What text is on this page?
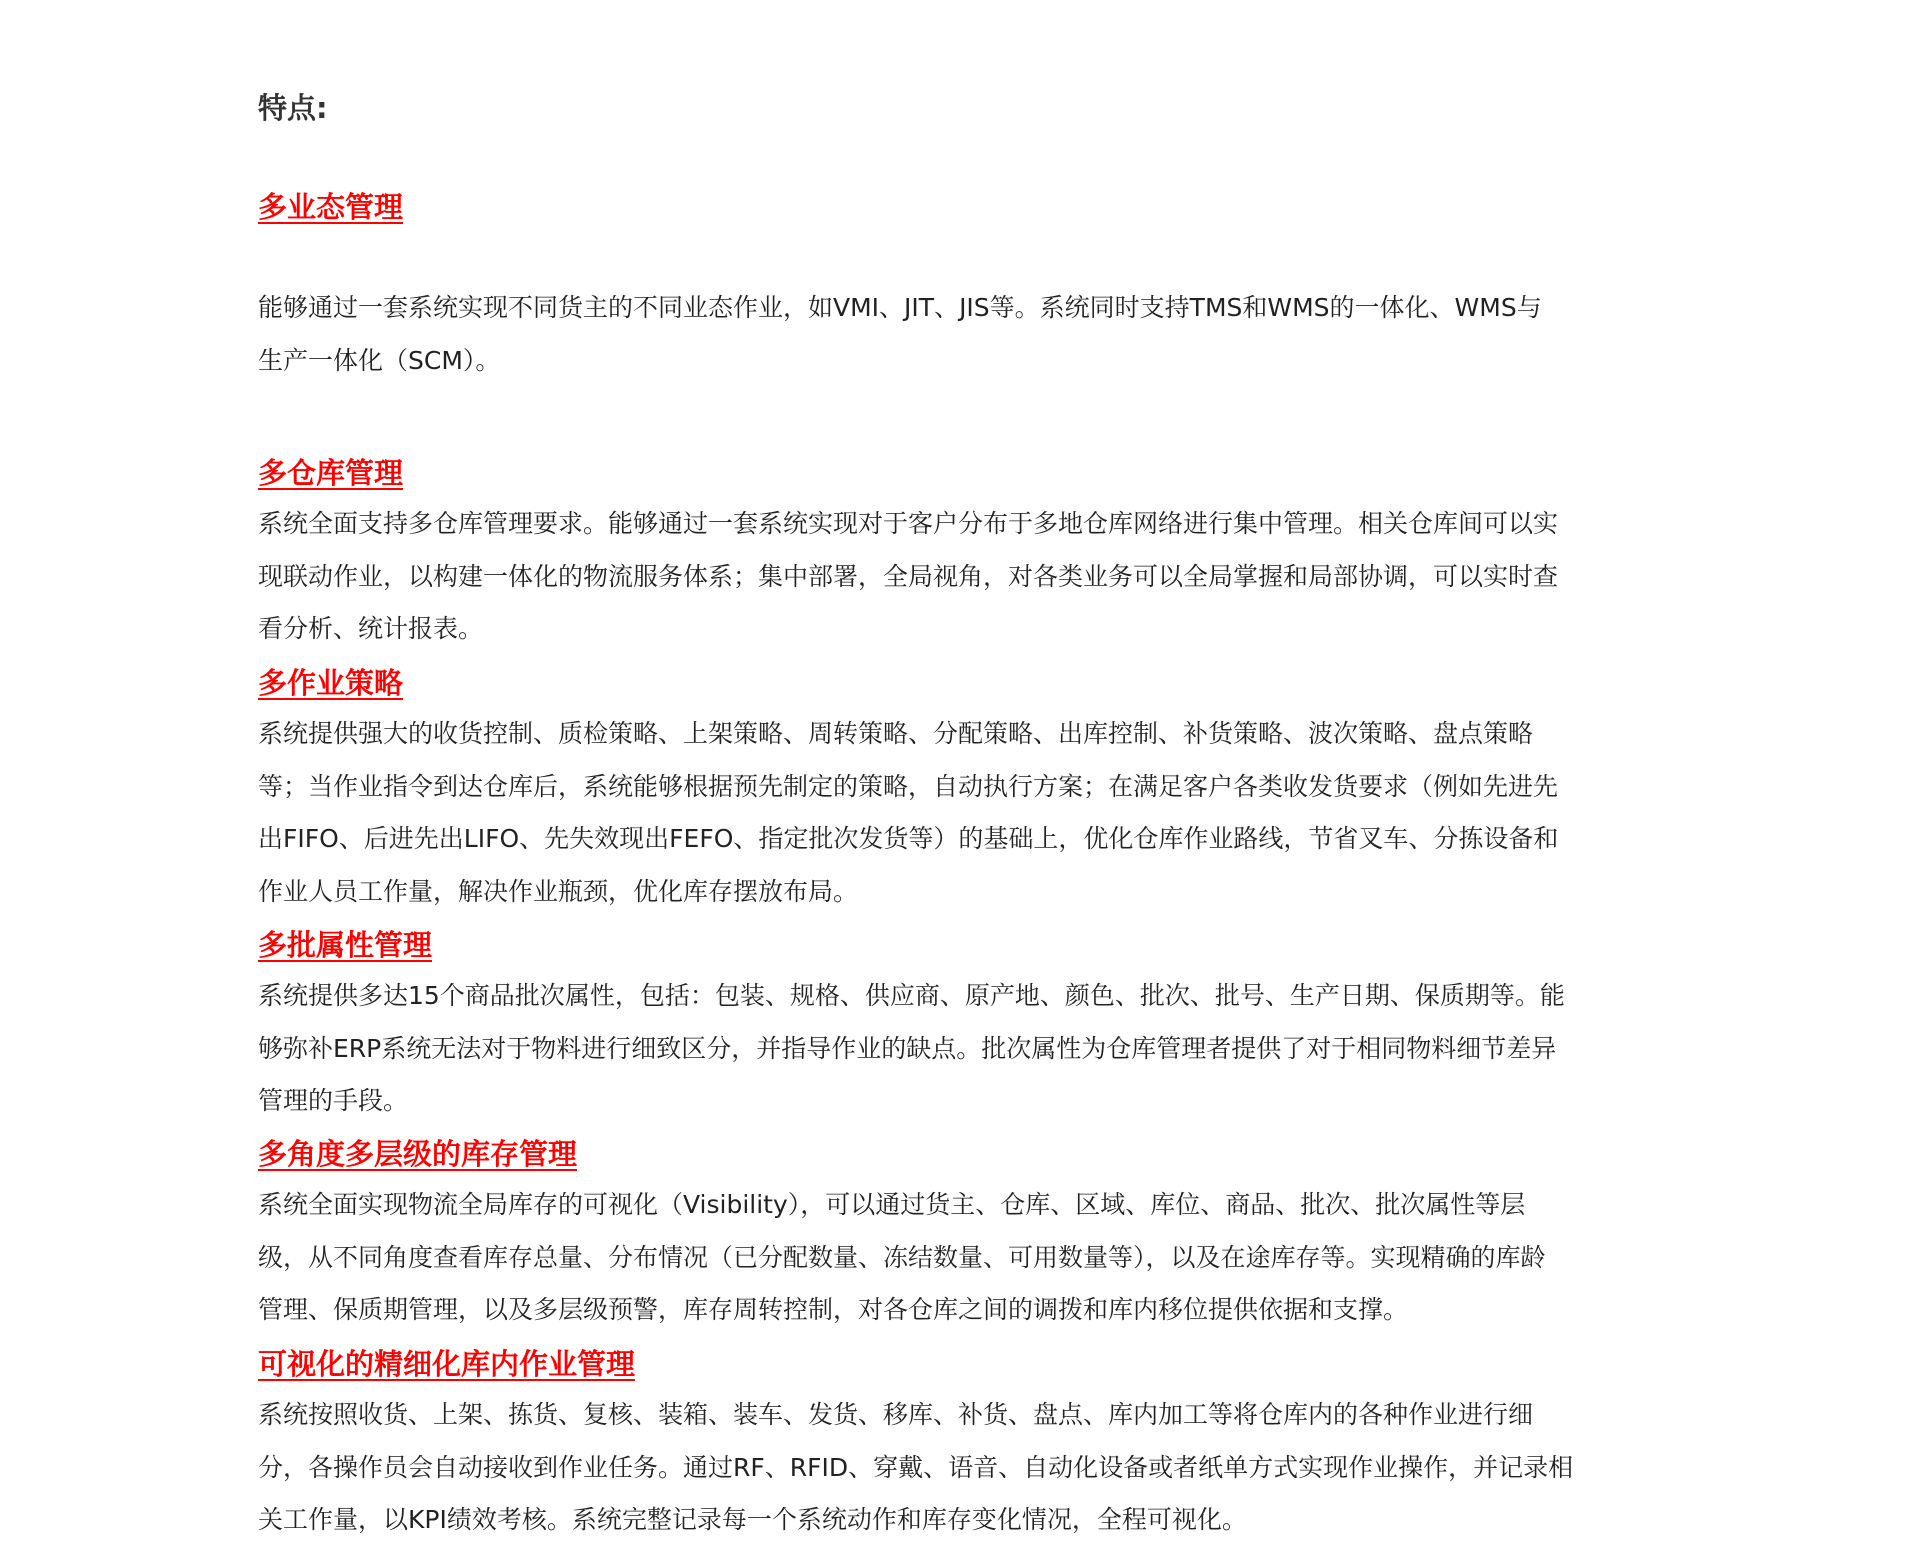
特点:
多业态管理
能够通过一套系统实现不同货主的不同业态作业，如VMI、JIT、JIS等。系统同时支持TMS和WMS的一体化、WMS与
生产一体化（SCM）。
多仓库管理
系统全面支持多仓库管理要求。能够通过一套系统实现对于客户分布于多地仓库网络进行集中管理。相关仓库间可以实
现联动作业，以构建一体化的物流服务体系；集中部署，全局视角，对各类业务可以全局掌握和局部协调，可以实时查
看分析、统计报表。
多作业策略
系统提供强大的收货控制、质检策略、上架策略、周转策略、分配策略、出库控制、补货策略、波次策略、盘点策略
等；当作业指令到达仓库后，系统能够根据预先制定的策略，自动执行方案；在满足客户各类收发货要求（例如先进先
出FIFO、后进先出LIFO、先失效现出FEFO、指定批次发货等）的基础上，优化仓库作业路线，节省叉车、分拣设备和
作业人员工作量，解决作业瓶颈，优化库存摆放布局。
多批属性管理
系统提供多达15个商品批次属性，包括：包装、规格、供应商、原产地、颜色、批次、批号、生产日期、保质期等。能
够弥补ERP系统无法对于物料进行细致区分，并指导作业的缺点。批次属性为仓库管理者提供了对于相同物料细节差异
管理的手段。
多角度多层级的库存管理
系统全面实现物流全局库存的可视化（Visibility），可以通过货主、仓库、区域、库位、商品、批次、批次属性等层
级，从不同角度查看库存总量、分布情况（已分配数量、冻结数量、可用数量等），以及在途库存等。实现精确的库龄
管理、保质期管理，以及多层级预警，库存周转控制，对各仓库之间的调拨和库内移位提供依据和支撑。
可视化的精细化库内作业管理
系统按照收货、上架、拣货、复核、装箱、装车、发货、移库、补货、盘点、库内加工等将仓库内的各种作业进行细
分，各操作员会自动接收到作业任务。通过RF、RFID、穿戴、语音、自动化设备或者纸单方式实现作业操作，并记录相
关工作量，以KPI绩效考核。系统完整记录每一个系统动作和库存变化情况，全程可视化。
